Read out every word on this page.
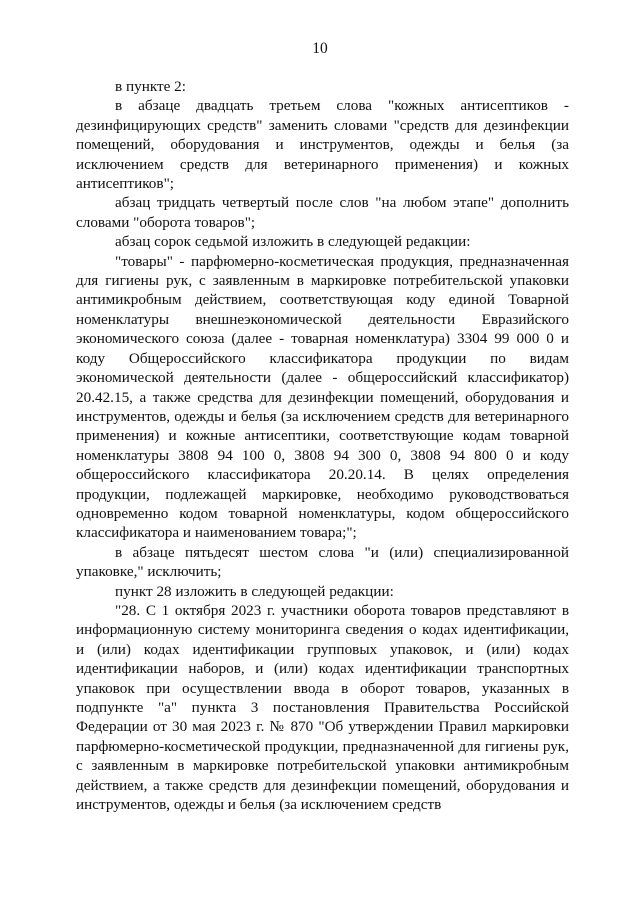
10

в пункте 2:

в абзаце двадцать третьем слова "кожных антисептиков - дезинфицирующих средств" заменить словами "средств для дезинфекции помещений, оборудования и инструментов, одежды и белья (за исключением средств для ветеринарного применения) и кожных антисептиков";

абзац тридцать четвертый после слов "на любом этапе" дополнить словами "оборота товаров";

абзац сорок седьмой изложить в следующей редакции:

"товары" - парфюмерно-косметическая продукция, предназначенная для гигиены рук, с заявленным в маркировке потребительской упаковки антимикробным действием, соответствующая коду единой Товарной номенклатуры внешнеэкономической деятельности Евразийского экономического союза (далее - товарная номенклатура) 3304 99 000 0 и коду Общероссийского классификатора продукции по видам экономической деятельности (далее - общероссийский классификатор) 20.42.15, а также средства для дезинфекции помещений, оборудования и инструментов, одежды и белья (за исключением средств для ветеринарного применения) и кожные антисептики, соответствующие кодам товарной номенклатуры 3808 94 100 0, 3808 94 300 0, 3808 94 800 0 и коду общероссийского классификатора 20.20.14. В целях определения продукции, подлежащей маркировке, необходимо руководствоваться одновременно кодом товарной номенклатуры, кодом общероссийского классификатора и наименованием товара;";

в абзаце пятьдесят шестом слова "и (или) специализированной упаковке," исключить;

пункт 28 изложить в следующей редакции:

"28. С 1 октября 2023 г. участники оборота товаров представляют в информационную систему мониторинга сведения о кодах идентификации, и (или) кодах идентификации групповых упаковок, и (или) кодах идентификации наборов, и (или) кодах идентификации транспортных упаковок при осуществлении ввода в оборот товаров, указанных в подпункте "а" пункта 3 постановления Правительства Российской Федерации от 30 мая 2023 г. № 870 "Об утверждении Правил маркировки парфюмерно-косметической продукции, предназначенной для гигиены рук, с заявленным в маркировке потребительской упаковки антимикробным действием, а также средств для дезинфекции помещений, оборудования и инструментов, одежды и белья (за исключением средств
